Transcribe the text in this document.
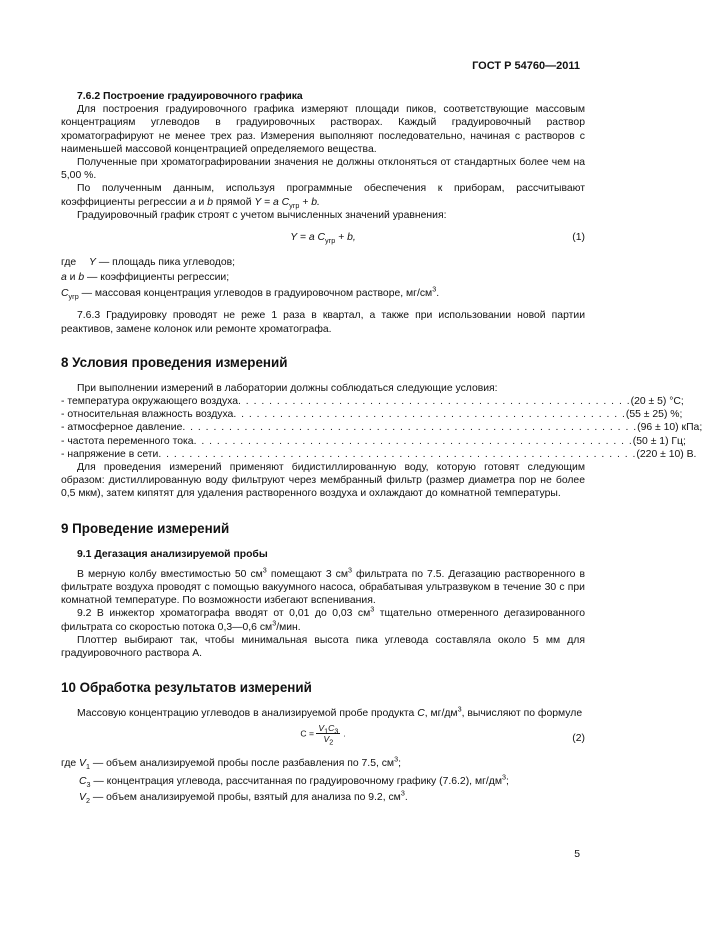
ГОСТ Р 54760—2011

7.6.2 Построение градуировочного графика

Для построения градуировочного графика измеряют площади пиков, соответствующие массовым концентрациям углеводов в градуировочных растворах. Каждый градуировочный раствор хроматографируют не менее трех раз. Измерения выполняют последовательно, начиная с растворов с наименьшей массовой концентрацией определяемого вещества.

Полученные при хроматографировании значения не должны отклоняться от стандартных более чем на 5,00 %.

По полученным данным, используя программные обеспечения к приборам, рассчитывают коэффициенты регрессии a и b прямой Y = a $C_{угр} + b$.

Градуировочный график строят с учетом вычисленных значений уравнения:

Y = a $C_{угр} + b$,	(1)
где Y — площадь пика углеводов;

a и b — коэффициенты регрессии;

$C_{угр}$ — массовая концентрация углеводов в градуировочном растворе, $мг/см^3$.

7.6.3 Градуировку проводят не реже 1 раза в квартал, а также при использовании новой партии реактивов, замене колонок или ремонте хроматографа.

8 Условия проведения измерений

При выполнении измерений в лаборатории должны соблюдаться следующие условия:

- температура окружающего воздуха . . . . . . . . . . . . . . . . . . . . . . . . . . . . . . . . . . . . . . . . . . . . . . . . . . . (20 ± 5) °С;
- относительная влажность воздуха . . . . . . . . . . . . . . . . . . . . . . . . . . . . . . . . . . . . . . . . . . . . . . . . . . . (55 ± 25) %;
- атмосферное давление . . . . . . . . . . . . . . . . . . . . . . . . . . . . . . . . . . . . . . . . . . . . . . . . . . . . . . . . . . . (96 ± 10) кПа;
- частота переменного тока . . . . . . . . . . . . . . . . . . . . . . . . . . . . . . . . . . . . . . . . . . . . . . . . . . . . . . . . . (50 ± 1) Гц;
- напряжение в сети . . . . . . . . . . . . . . . . . . . . . . . . . . . . . . . . . . . . . . . . . . . . . . . . . . . . . . . . . . . . . . (220 ± 10) В.

Для проведения измерений применяют бидистиллированную воду, которую готовят следующим образом: дистиллированную воду фильтруют через мембранный фильтр (размер диаметра пор не более 0,5 мкм), затем кипятят для удаления растворенного воздуха и охлаждают до комнатной температуры.

9 Проведение измерений

9.1 Дегазация анализируемой пробы

В мерную колбу вместимостью 50 $см^3$ помещают 3 $см^3$ фильтрата по 7.5. Дегазацию растворенного в фильтрате воздуха проводят с помощью вакуумного насоса, обрабатывая ультразвуком в течение 30 с при комнатной температуре. По возможности избегают вспенивания.

9.2 В инжектор хроматографа вводят от 0,01 до 0,03 $см^3$ тщательно отмеренного дегазированного фильтрата со скоростью потока 0,3—0,6 $см^3$/мин.

Плоттер выбирают так, чтобы минимальная высота пика углевода составляла около 5 мм для градуировочного раствора А.

10 Обработка результатов измерений

Массовую концентрацию углеводов в анализируемой пробе продукта С, $мг/дм^3$, вычисляют по формуле

$C = \frac{V_1C_3}{V_2}$ .	(2)
где $V_1$ — объем анализируемой пробы после разбавления по 7.5, $см^3$;

$C_3$ — концентрация углевода, рассчитанная по градуировочному графику (7.6.2), $мг/дм^3$;

$V_2$ — объем анализируемой пробы, взятый для анализа по 9.2, $см^3$.

5
